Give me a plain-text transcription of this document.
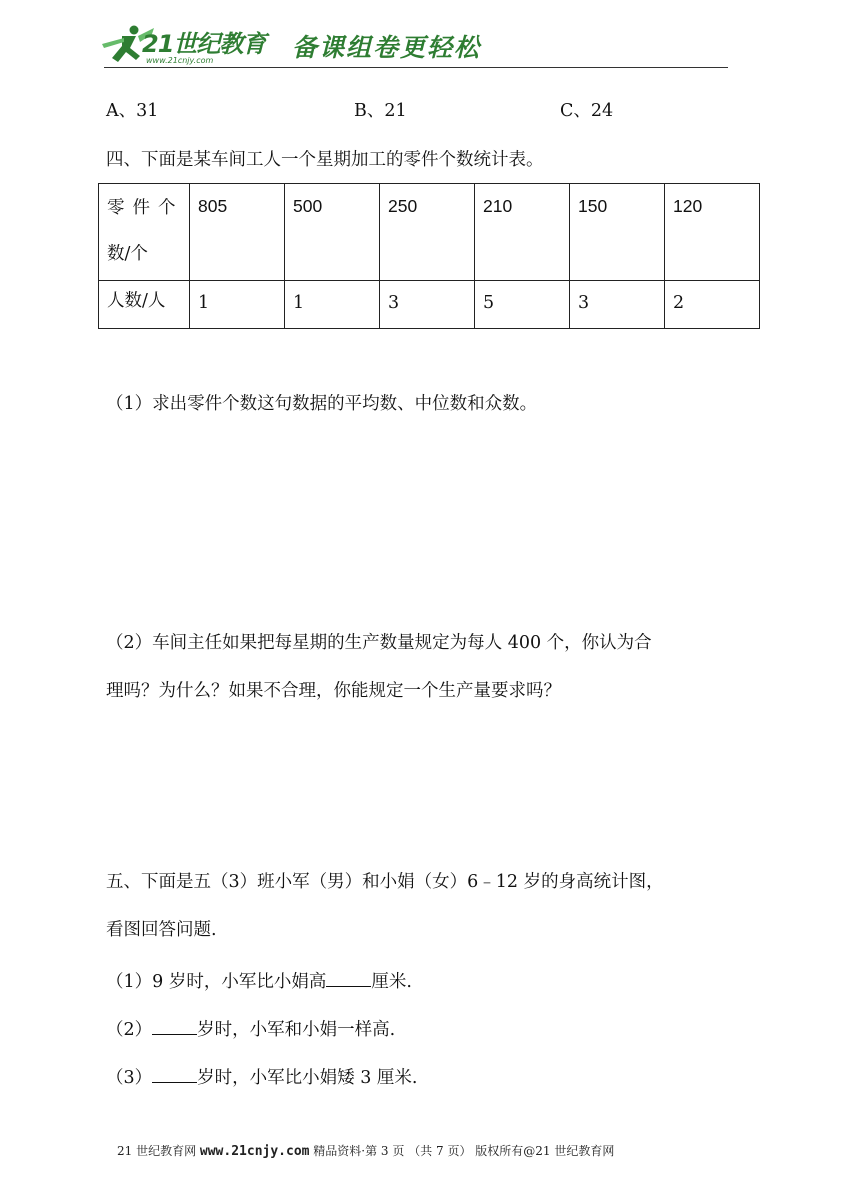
21世纪教育
www.21cnjy.com	备课组卷更轻松
A、31	B、21	C、24
四、下面是某车间工人一个星期加工的零件个数统计表。
零件个
数/个	805	500	250	210	150	120

人数/人	1	1	3	5	3	2
（1）求出零件个数这句数据的平均数、中位数和众数。
（2）车间主任如果把每星期的生产数量规定为每人 400 个，你认为合
理吗？为什么？如果不合理，你能规定一个生产量要求吗？
五、下面是五（3）班小军（男）和小娟（女）6﹣12 岁的身高统计图，
看图回答问题.
（1）9 岁时，小军比小娟高	厘米.
（2）	岁时，小军和小娟一样高.
（3）	岁时，小军比小娟矮 3 厘米.
21 世纪教育网 www.21cnjy.com 精品资料·第 3 页 （共 7 页） 版权所有@21 世纪教育网
